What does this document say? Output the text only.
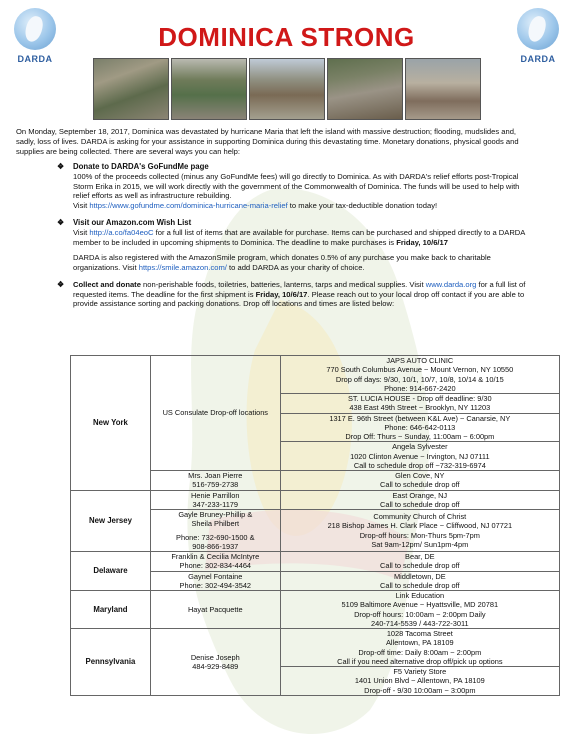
DARDA	DARDA
DOMINICA STRONG

On Monday, September 18, 2017, Dominica was devastated by hurricane Maria that left the island with massive destruction; flooding, mudslides and, sadly, loss of lives. DARDA is asking for your assistance in supporting Dominica during this devastating time. Monetary donations, physical goods and supplies are being collected. There are several ways you can help:

❖ Donate to DARDA's GoFundMe page
100% of the proceeds collected (minus any GoFundMe fees) will go directly to Dominica. As with DARDA's relief efforts post-Tropical Storm Erika in 2015, we will work directly with the government of the Commonwealth of Dominica. The funds will be used to help with relief efforts as well as infrastructure rebuilding.
Visit https://www.gofundme.com/dominica-hurricane-maria-relief to make your tax-deductible donation today!
❖ Visit our Amazon.com Wish List
Visit http://a.co/fa04eoC for a full list of items that are available for purchase. Items can be purchased and shipped directly to a DARDA member to be included in upcoming shipments to Dominica. The deadline to make purchases is Friday, 10/6/17
DARDA is also registered with the AmazonSmile program, which donates 0.5% of any purchase you make back to charitable organizations. Visit https://smile.amazon.com/ to add DARDA as your charity of choice.
❖ Collect and donate non-perishable foods, toiletries, batteries, lanterns, tarps and medical supplies. Visit www.darda.org for a full list of requested items. The deadline for the first shipment is Friday, 10/6/17. Please reach out to your local drop off contact if you are able to provide assistance sorting and packing donations. Drop off locations and times are listed below:
New York	US Consulate Drop-off locations	JAPS AUTO CLINIC
770 South Columbus Avenue ~ Mount Vernon, NY 10550
Drop off days: 9/30, 10/1, 10/7, 10/8, 10/14 & 10/15
Phone: 914-667-2420

		ST. LUCIA HOUSE - Drop off deadline: 9/30
438 East 49th Street ~ Brooklyn, NY 11203

		1317 E. 96th Street (between K&L Ave) ~ Canarsie, NY
Phone: 646-642-0113
Drop Off: Thurs ~ Sunday, 11:00am ~ 6:00pm

		Angela Sylvester
1020 Clinton Avenue ~ Irvington, NJ 07111
Call to schedule drop off ~732-319-6974

	Mrs. Joan Pierre
516-759-2738	Glen Cove, NY
Call to schedule drop off

New Jersey	Henie Parrillon
347-233-1179	East Orange, NJ
Call to schedule drop off

	Gayle Bruney-Phillip &
Sheila Philbert
Phone: 732-690-1500 &
908-866-1937	Community Church of Christ
218 Bishop James H. Clark Place ~ Cliffwood, NJ 07721
Drop-off hours: Mon-Thurs 5pm-7pm
Sat 9am-12pm/ Sun1pm-4pm

Delaware	Franklin & Cecilia McIntyre
Phone: 302-834-4464	Bear, DE
Call to schedule drop off

	Gaynel Fontaine
Phone: 302-494-3542	Middletown, DE
Call to schedule drop off

Maryland	Hayat Pacquette	Link Education
5109 Baltimore Avenue ~ Hyattsville, MD 20781
Drop-off hours: 10:00am ~ 2:00pm Daily
240-714-5539 / 443-722-3011

Pennsylvania	Denise Joseph
484-929-8489	1028 Tacoma Street
Allentown, PA 18109
Drop-off time: Daily 8:00am ~ 2:00pm
Call if you need alternative drop off/pick up options

		F5 Variety Store
1401 Union Blvd ~ Allentown, PA 18109
Drop-off - 9/30 10:00am ~ 3:00pm
